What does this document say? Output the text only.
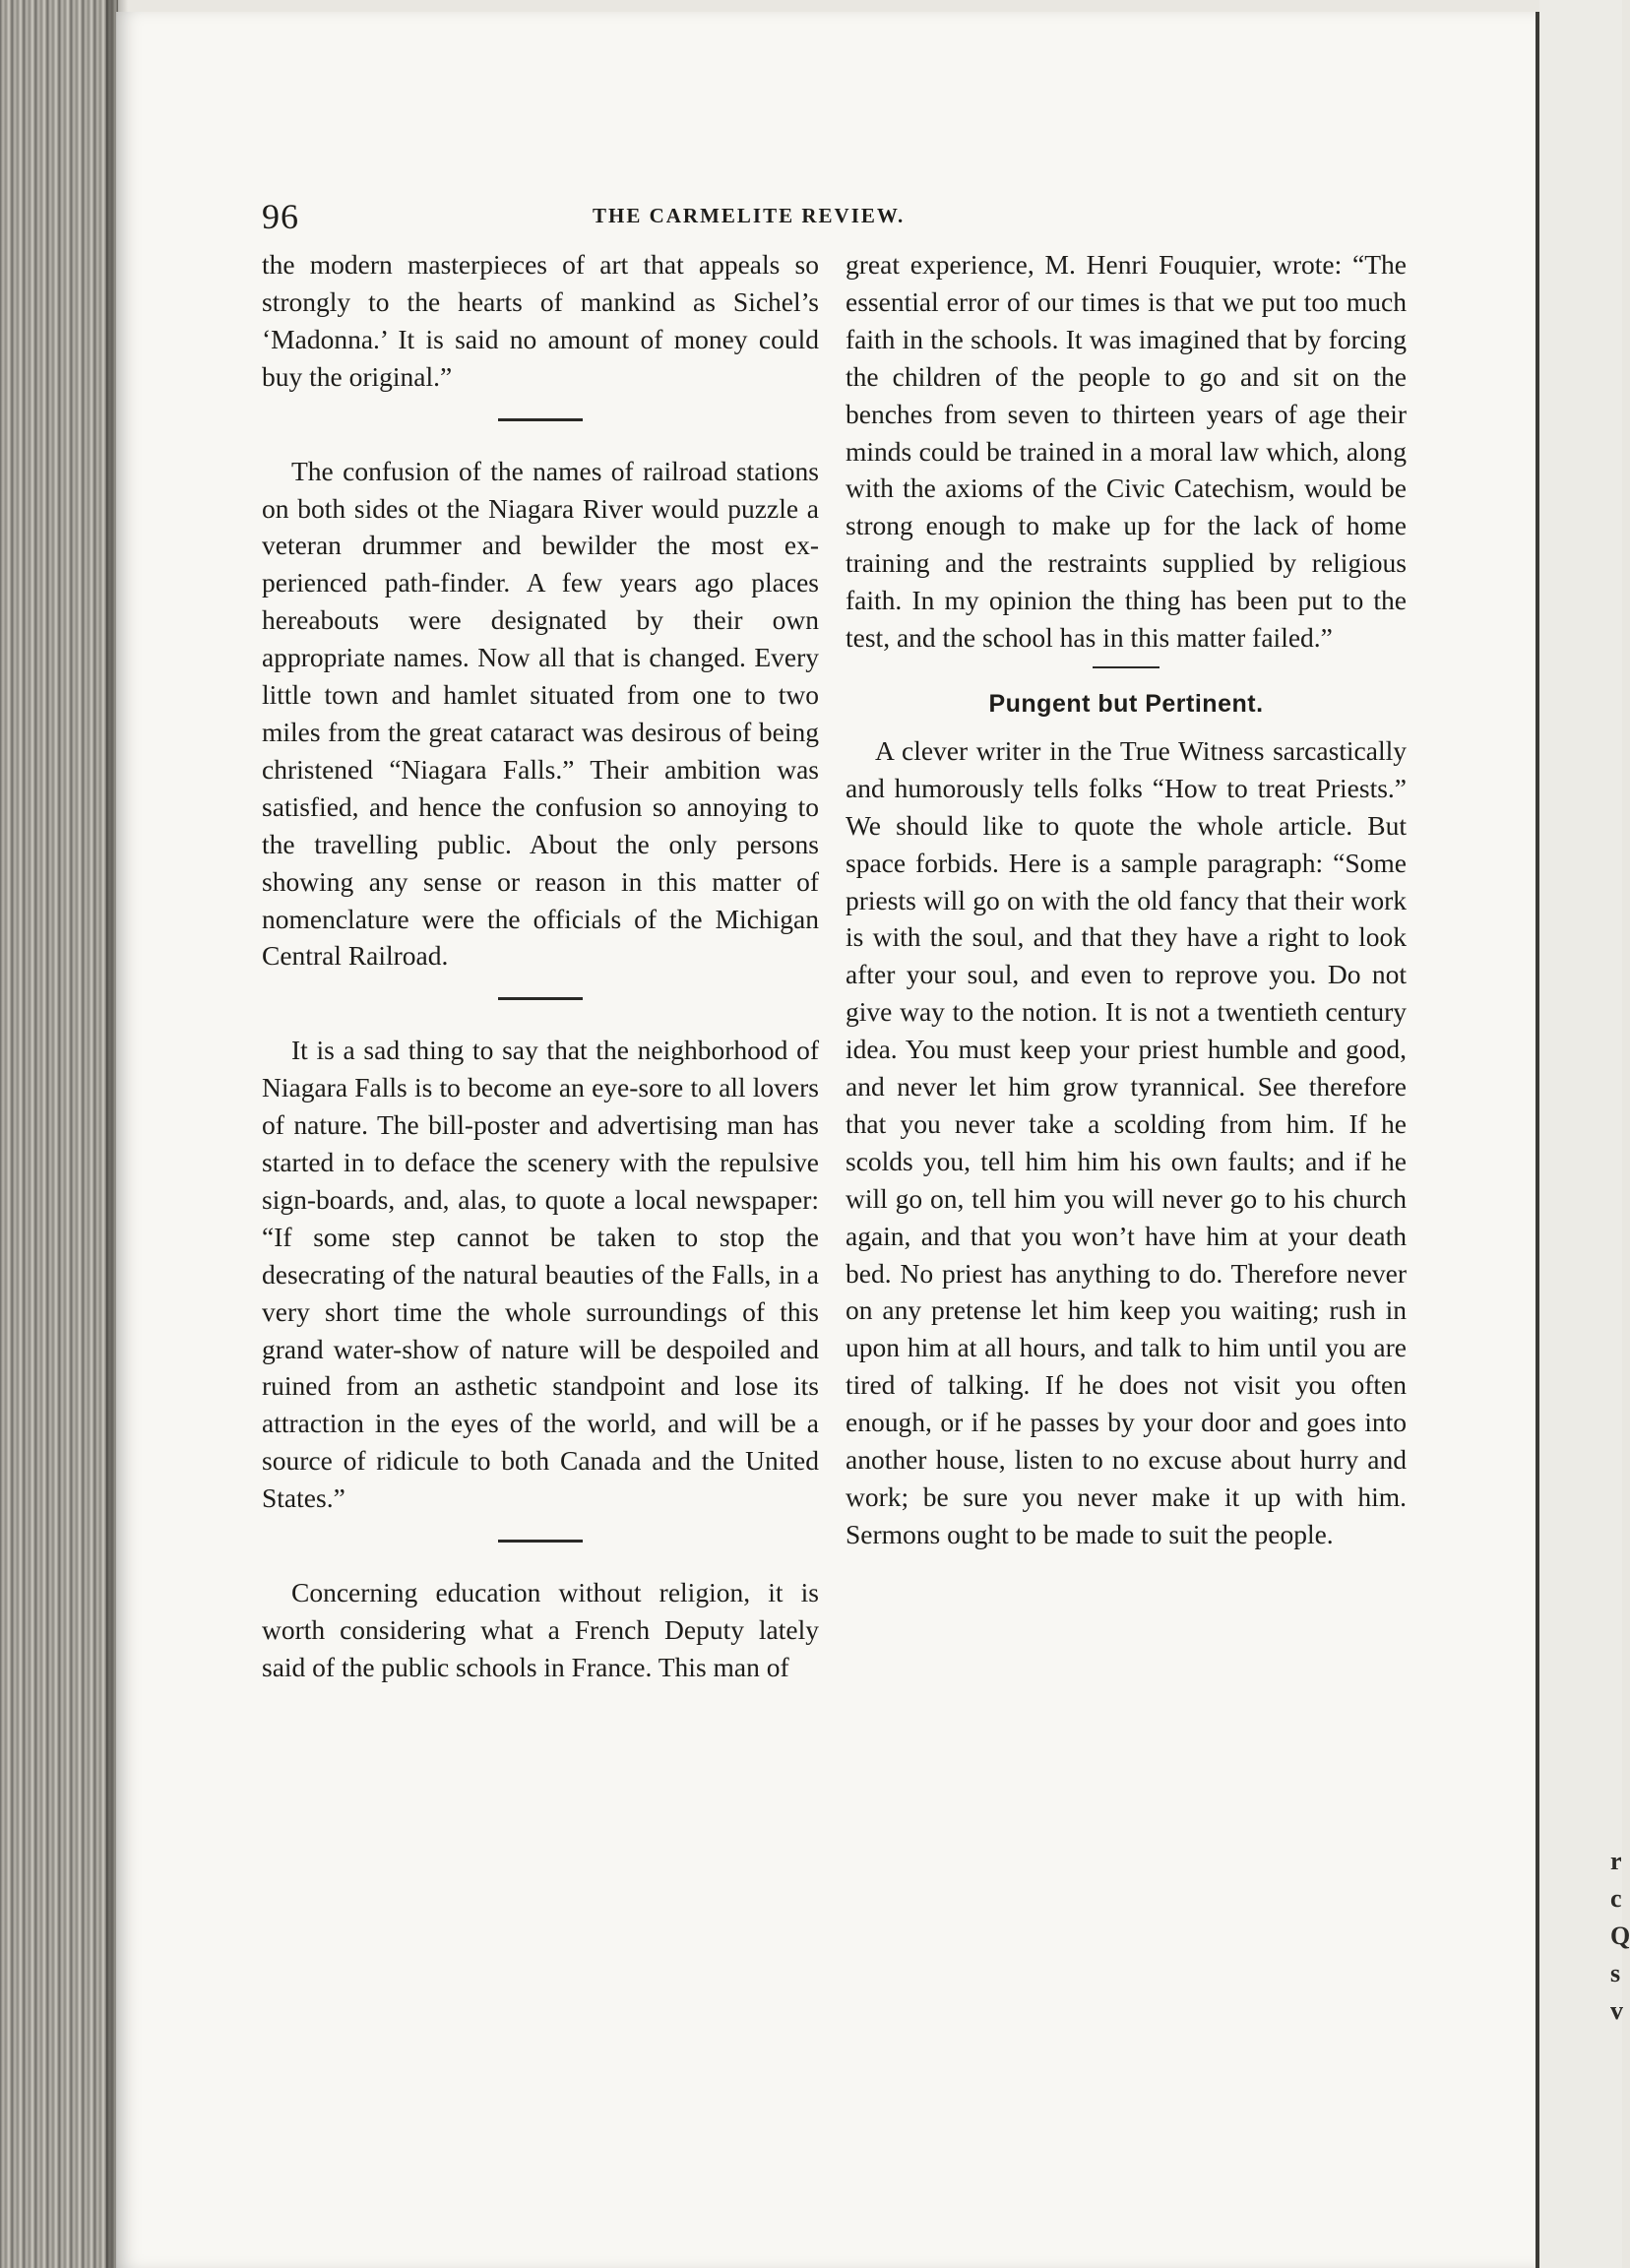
r
c
Q
s
v
96	THE CARMELITE REVIEW.

the modern masterpieces of art that appeals so strongly to the hearts of mankind as Sichel’s ‘Madonna.’ It is said no amount of money could buy the original.”

The confusion of the names of railroad stations on both sides ot the Niagara River would puzzle a veteran drummer and bewilder the most experienced path-finder. A few years ago places hereabouts were designated by their own appropriate names. Now all that is changed. Every little town and hamlet situated from one to two miles from the great cataract was desirous of being christened “Niagara Falls.” Their ambition was satisfied, and hence the confusion so annoying to the travelling public. About the only persons showing any sense or reason in this matter of nomenclature were the officials of the Michigan Central Railroad.

It is a sad thing to say that the neighborhood of Niagara Falls is to become an eye-sore to all lovers of nature. The bill-poster and advertising man has started in to deface the scenery with the repulsive sign-boards, and, alas, to quote a local newspaper: “If some step cannot be taken to stop the desecrating of the natural beauties of the Falls, in a very short time the whole surroundings of this grand water-show of nature will be despoiled and ruined from an asthetic standpoint and lose its attraction in the eyes of the world, and will be a source of ridicule to both Canada and the United States.”

Concerning education without religion, it is worth considering what a French Deputy lately said of the public schools in France. This man of

great experience, M. Henri Fouquier, wrote: “The essential error of our times is that we put too much faith in the schools. It was imagined that by forcing the children of the people to go and sit on the benches from seven to thirteen years of age their minds could be trained in a moral law which, along with the axioms of the Civic Catechism, would be strong enough to make up for the lack of home training and the restraints supplied by religious faith. In my opinion the thing has been put to the test, and the school has in this matter failed.”

Pungent but Pertinent.

A clever writer in the True Witness sarcastically and humorously tells folks “How to treat Priests.” We should like to quote the whole article. But space forbids. Here is a sample paragraph: “Some priests will go on with the old fancy that their work is with the soul, and that they have a right to look after your soul, and even to reprove you. Do not give way to the notion. It is not a twentieth century idea. You must keep your priest humble and good, and never let him grow tyrannical. See therefore that you never take a scolding from him. If he scolds you, tell him him his own faults; and if he will go on, tell him you will never go to his church again, and that you won’t have him at your death bed. No priest has anything to do. Therefore never on any pretense let him keep you waiting; rush in upon him at all hours, and talk to him until you are tired of talking. If he does not visit you often enough, or if he passes by your door and goes into another house, listen to no excuse about hurry and work; be sure you never make it up with him. Sermons ought to be made to suit the people.
